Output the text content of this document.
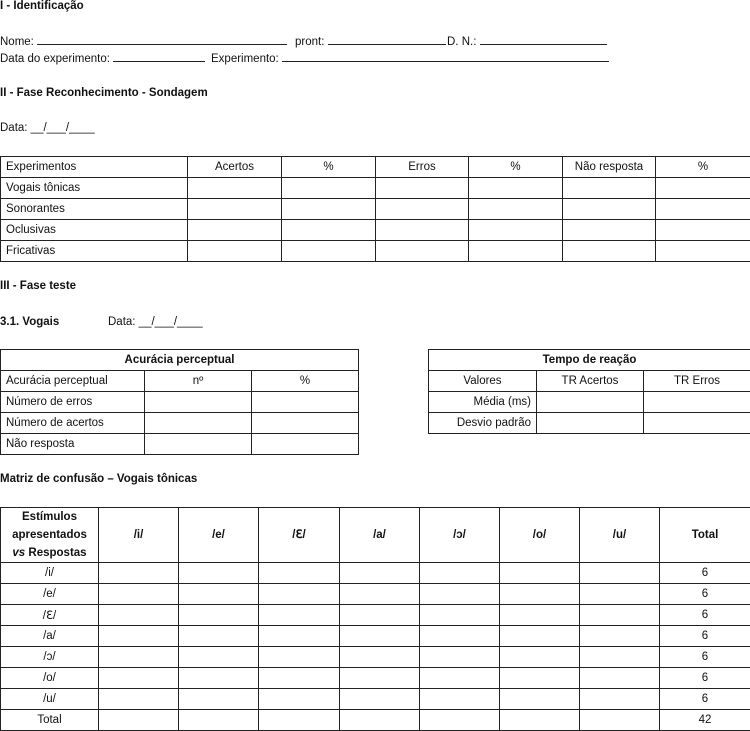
I - Identificação
Nome:	pront:	D. N.:
Data do experimento:	Experimento:
II - Fase Reconhecimento - Sondagem
Data: __/___/____
Experimentos	Acertos	%	Erros	%	Não resposta	%
Vogais tônicas						
Sonorantes						
Oclusivas						
Fricativas						
III - Fase teste
3.1. Vogais	Data: __/___/____
Acurácia perceptual		
Acurácia perceptual	nº	%
Número de erros		
Número de acertos		
Não resposta		
Tempo de reação		
Valores	TR Acertos	TR Erros
Média (ms)		
Desvio padrão		
Matriz de confusão – Vogais tônicas
Estímulos
apresentados
vs Respostas	/i/	/e/	/ℇ/	/a/	/ɔ/	/o/	/u/	Total
/i/								6
/e/								6
/ℇ/								6
/a/								6
/ɔ/								6
/o/								6
/u/								6
Total								42
